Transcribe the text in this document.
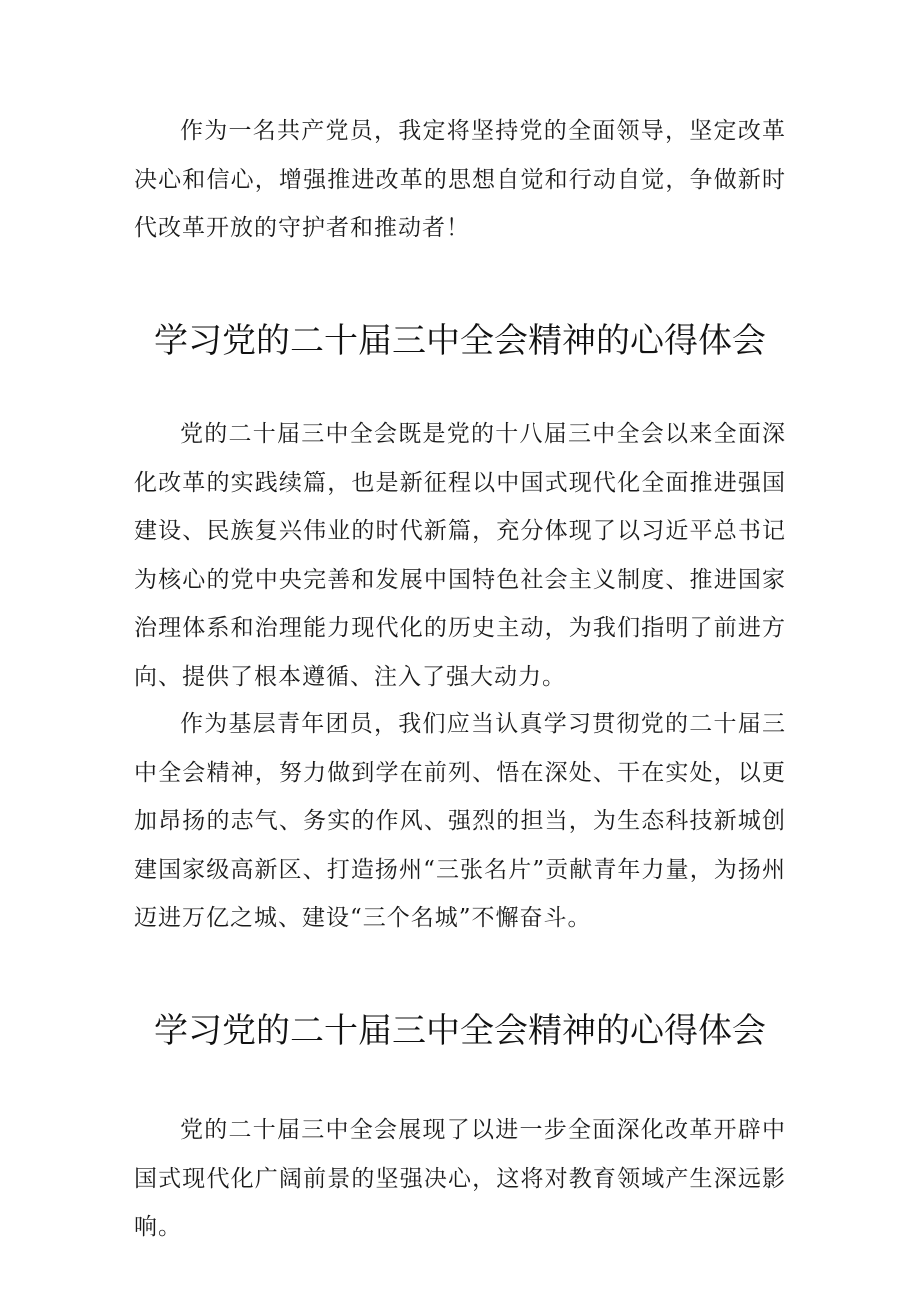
作为一名共产党员，我定将坚持党的全面领导，坚定改革决心和信心，增强推进改革的思想自觉和行动自觉，争做新时代改革开放的守护者和推动者！

学习党的二十届三中全会精神的心得体会

党的二十届三中全会既是党的十八届三中全会以来全面深化改革的实践续篇，也是新征程以中国式现代化全面推进强国建设、民族复兴伟业的时代新篇，充分体现了以习近平总书记为核心的党中央完善和发展中国特色社会主义制度、推进国家治理体系和治理能力现代化的历史主动，为我们指明了前进方向、提供了根本遵循、注入了强大动力。

作为基层青年团员，我们应当认真学习贯彻党的二十届三中全会精神，努力做到学在前列、悟在深处、干在实处，以更加昂扬的志气、务实的作风、强烈的担当，为生态科技新城创建国家级高新区、打造扬州“三张名片”贡献青年力量，为扬州迈进万亿之城、建设“三个名城”不懈奋斗。

学习党的二十届三中全会精神的心得体会

党的二十届三中全会展现了以进一步全面深化改革开辟中国式现代化广阔前景的坚强决心，这将对教育领域产生深远影响。
